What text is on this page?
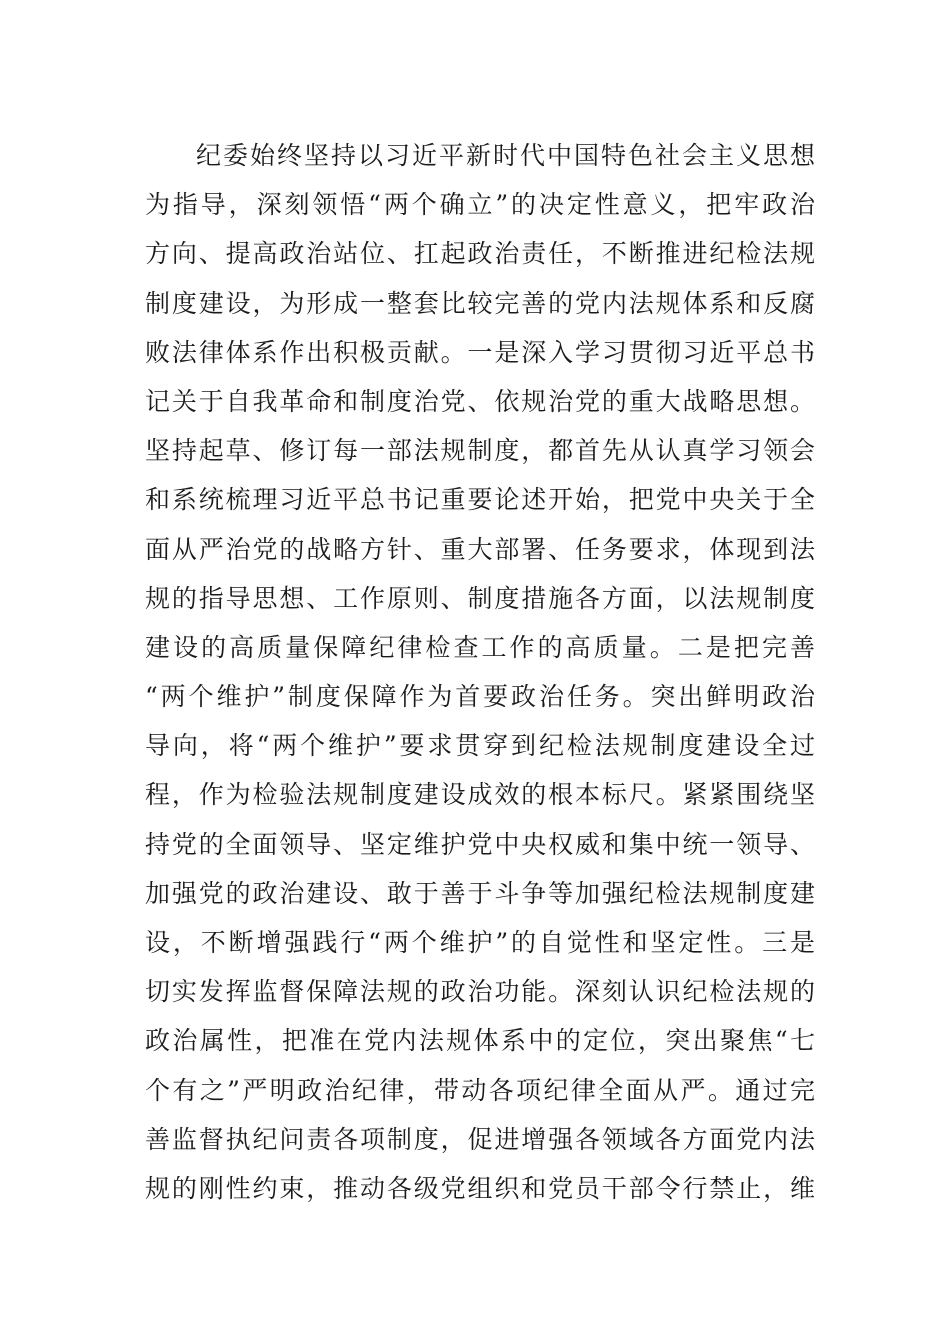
纪委始终坚持以习近平新时代中国特色社会主义思想
为指导，深刻领悟“两个确立”的决定性意义，把牢政治
方向、提高政治站位、扛起政治责任，不断推进纪检法规
制度建设，为形成一整套比较完善的党内法规体系和反腐
败法律体系作出积极贡献。一是深入学习贯彻习近平总书
记关于自我革命和制度治党、依规治党的重大战略思想。
坚持起草、修订每一部法规制度，都首先从认真学习领会
和系统梳理习近平总书记重要论述开始，把党中央关于全
面从严治党的战略方针、重大部署、任务要求，体现到法
规的指导思想、工作原则、制度措施各方面，以法规制度
建设的高质量保障纪律检查工作的高质量。二是把完善
“两个维护”制度保障作为首要政治任务。突出鲜明政治
导向，将“两个维护”要求贯穿到纪检法规制度建设全过
程，作为检验法规制度建设成效的根本标尺。紧紧围绕坚
持党的全面领导、坚定维护党中央权威和集中统一领导、
加强党的政治建设、敢于善于斗争等加强纪检法规制度建
设，不断增强践行“两个维护”的自觉性和坚定性。三是
切实发挥监督保障法规的政治功能。深刻认识纪检法规的
政治属性，把准在党内法规体系中的定位，突出聚焦“七
个有之”严明政治纪律，带动各项纪律全面从严。通过完
善监督执纪问责各项制度，促进增强各领域各方面党内法
规的刚性约束，推动各级党组织和党员干部令行禁止，维
